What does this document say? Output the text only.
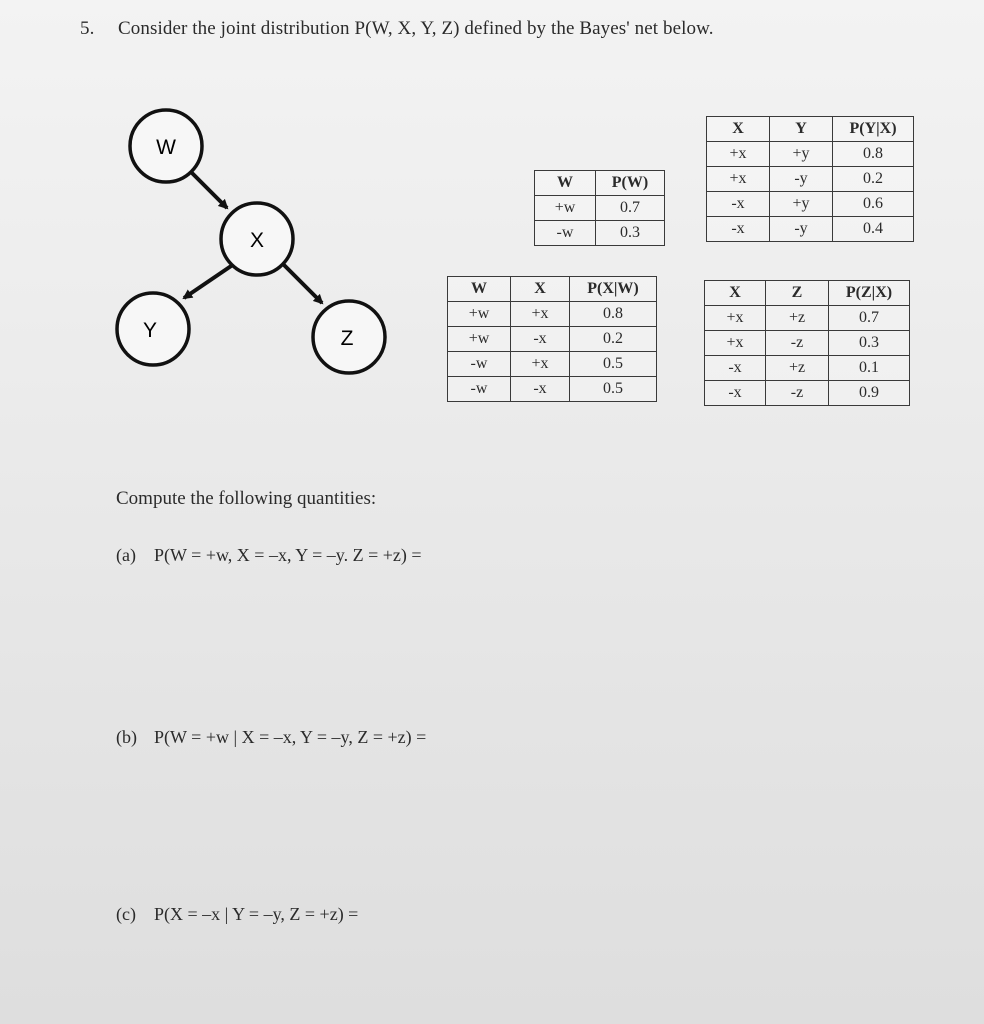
5. Consider the joint distribution P(W, X, Y, Z) defined by the Bayes' net below.
W
X
Y	Z
W	P(W)
+w	0.7
-w	0.3
X	Y	P(Y|X)
+x	+y	0.8
+x	-y	0.2
-x	+y	0.6
-x	-y	0.4
W	X	P(X|W)
+w	+x	0.8
+w	-x	0.2
-w	+x	0.5
-w	-x	0.5
X	Z	P(Z|X)
+x	+z	0.7
+x	-z	0.3
-x	+z	0.1
-x	-z	0.9
Compute the following quantities:
(a) P(W = +w, X = –x, Y = –y. Z = +z) =
(b) P(W = +w | X = –x, Y = –y, Z = +z) =
(c) P(X = –x | Y = –y, Z = +z) =
